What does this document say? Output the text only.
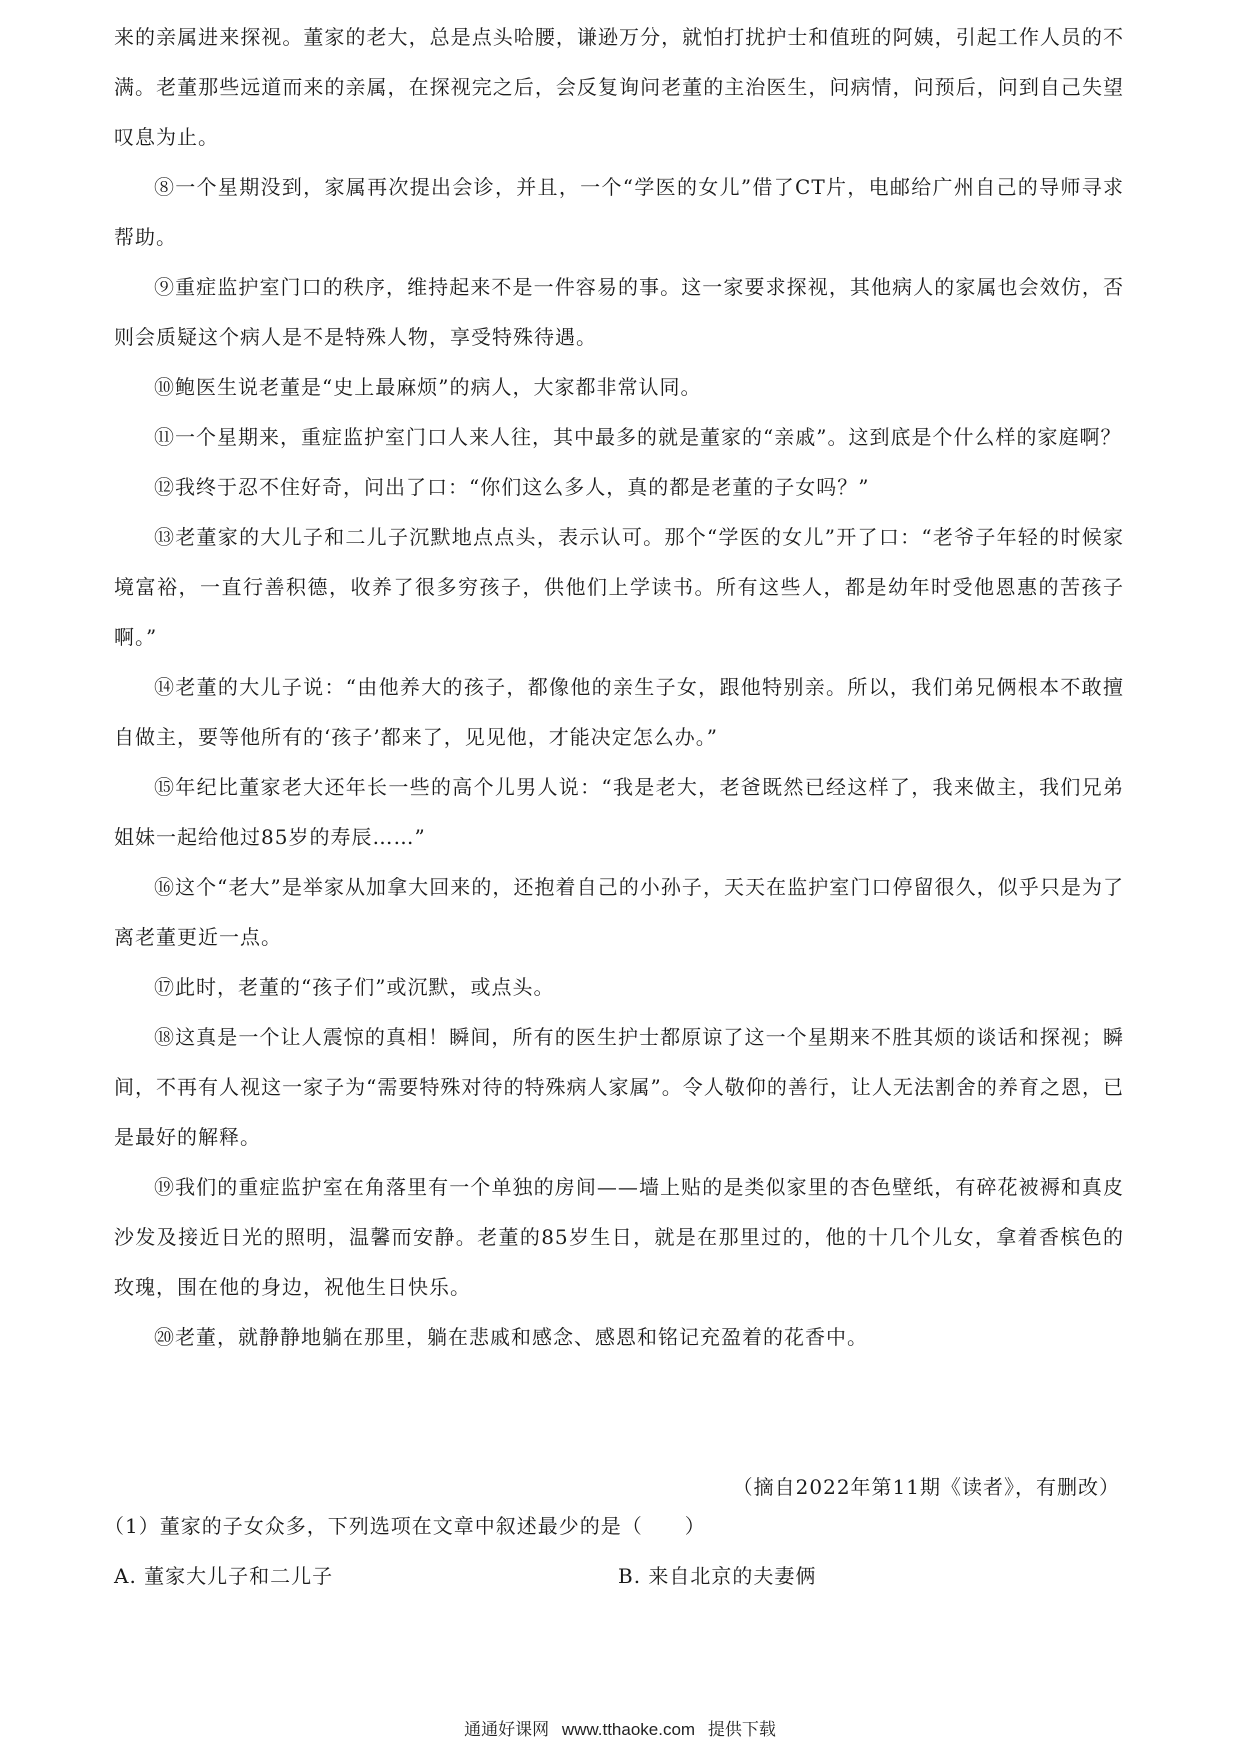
来的亲属进来探视。董家的老大，总是点头哈腰，谦逊万分，就怕打扰护士和值班的阿姨，引起工作人员的不满。老董那些远道而来的亲属，在探视完之后，会反复询问老董的主治医生，问病情，问预后，问到自己失望叹息为止。

⑧一个星期没到，家属再次提出会诊，并且，一个“学医的女儿”借了CT片，电邮给广州自己的导师寻求帮助。

⑨重症监护室门口的秩序，维持起来不是一件容易的事。这一家要求探视，其他病人的家属也会效仿，否则会质疑这个病人是不是特殊人物，享受特殊待遇。

⑩鲍医生说老董是“史上最麻烦”的病人，大家都非常认同。

⑪一个星期来，重症监护室门口人来人往，其中最多的就是董家的“亲戚”。这到底是个什么样的家庭啊？

⑫我终于忍不住好奇，问出了口：“你们这么多人，真的都是老董的子女吗？”

⑬老董家的大儿子和二儿子沉默地点点头，表示认可。那个“学医的女儿”开了口：“老爷子年轻的时候家境富裕，一直行善积德，收养了很多穷孩子，供他们上学读书。所有这些人，都是幼年时受他恩惠的苦孩子啊。”

⑭老董的大儿子说：“由他养大的孩子，都像他的亲生子女，跟他特别亲。所以，我们弟兄俩根本不敢擅自做主，要等他所有的‘孩子’都来了，见见他，才能决定怎么办。”

⑮年纪比董家老大还年长一些的高个儿男人说：“我是老大，老爸既然已经这样了，我来做主，我们兄弟姐妹一起给他过85岁的寿辰……”

⑯这个“老大”是举家从加拿大回来的，还抱着自己的小孙子，天天在监护室门口停留很久，似乎只是为了离老董更近一点。

⑰此时，老董的“孩子们”或沉默，或点头。

⑱这真是一个让人震惊的真相！瞬间，所有的医生护士都原谅了这一个星期来不胜其烦的谈话和探视；瞬间，不再有人视这一家子为“需要特殊对待的特殊病人家属”。令人敬仰的善行，让人无法割舍的养育之恩，已是最好的解释。

⑲我们的重症监护室在角落里有一个单独的房间——墙上贴的是类似家里的杏色壁纸，有碎花被褥和真皮沙发及接近日光的照明，温馨而安静。老董的85岁生日，就是在那里过的，他的十几个儿女，拿着香槟色的玫瑰，围在他的身边，祝他生日快乐。

⑳老董，就静静地躺在那里，躺在悲戚和感念、感恩和铭记充盈着的花香中。

（摘自2022年第11期《读者》，有删改）
（1）董家的子女众多，下列选项在文章中叙述最少的是（　　）
A. 董家大儿子和二儿子	B. 来自北京的夫妻俩
通通好课网 www.tthaoke.com 提供下载
